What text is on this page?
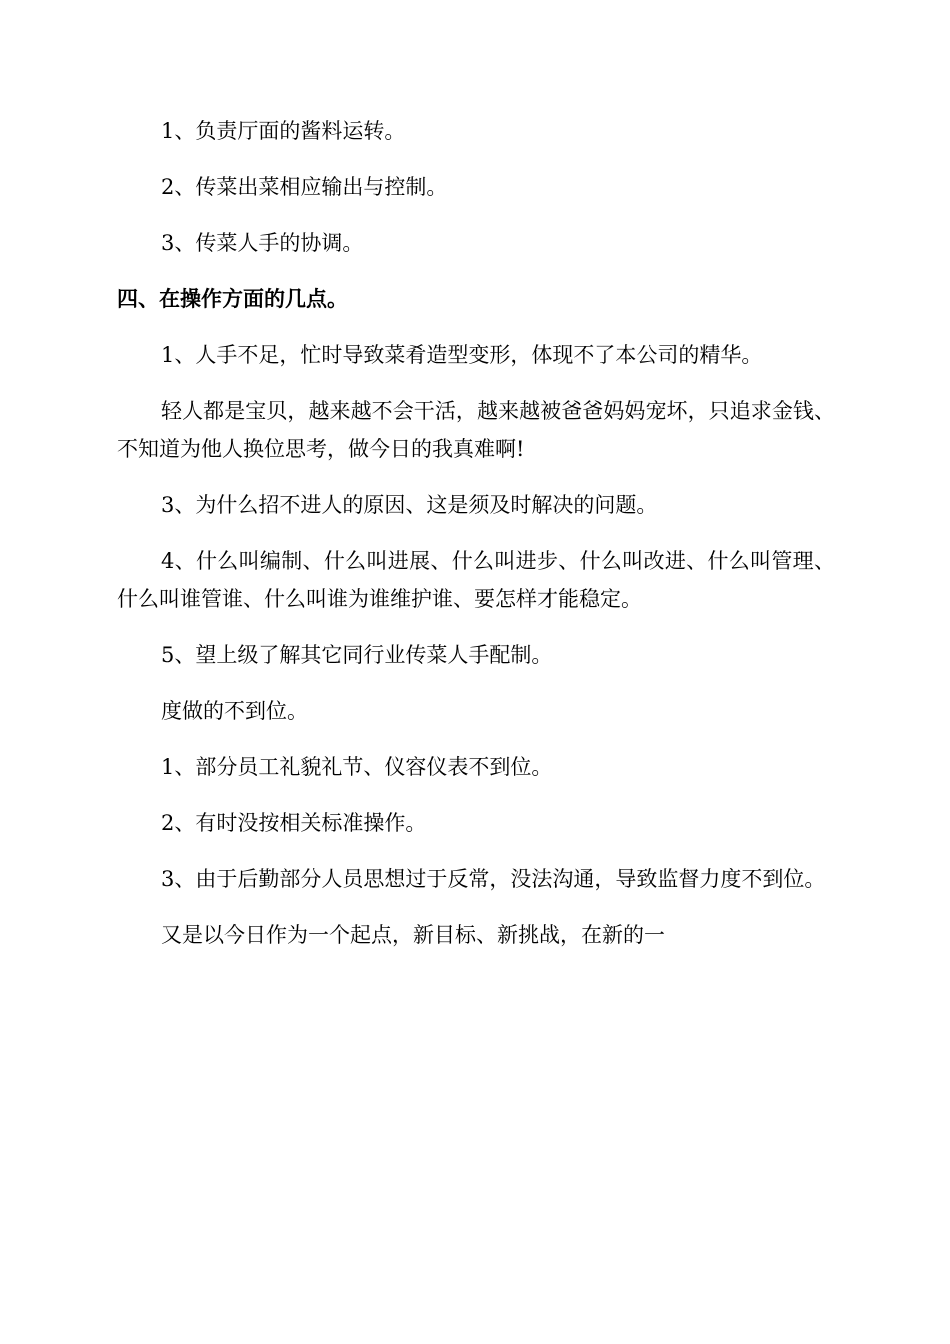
1、负责厅面的酱料运转。

2、传菜出菜相应输出与控制。

3、传菜人手的协调。

四、在操作方面的几点。

1、人手不足，忙时导致菜肴造型变形，体现不了本公司的精华。

轻人都是宝贝，越来越不会干活，越来越被爸爸妈妈宠坏，只追求金钱、不知道为他人换位思考，做今日的我真难啊!

3、为什么招不进人的原因、这是须及时解决的问题。

4、什么叫编制、什么叫进展、什么叫进步、什么叫改进、什么叫管理、什么叫谁管谁、什么叫谁为谁维护谁、要怎样才能稳定。

5、望上级了解其它同行业传菜人手配制。

度做的不到位。

1、部分员工礼貌礼节、仪容仪表不到位。

2、有时没按相关标准操作。

3、由于后勤部分人员思想过于反常，没法沟通，导致监督力度不到位。

又是以今日作为一个起点，新目标、新挑战，在新的一
